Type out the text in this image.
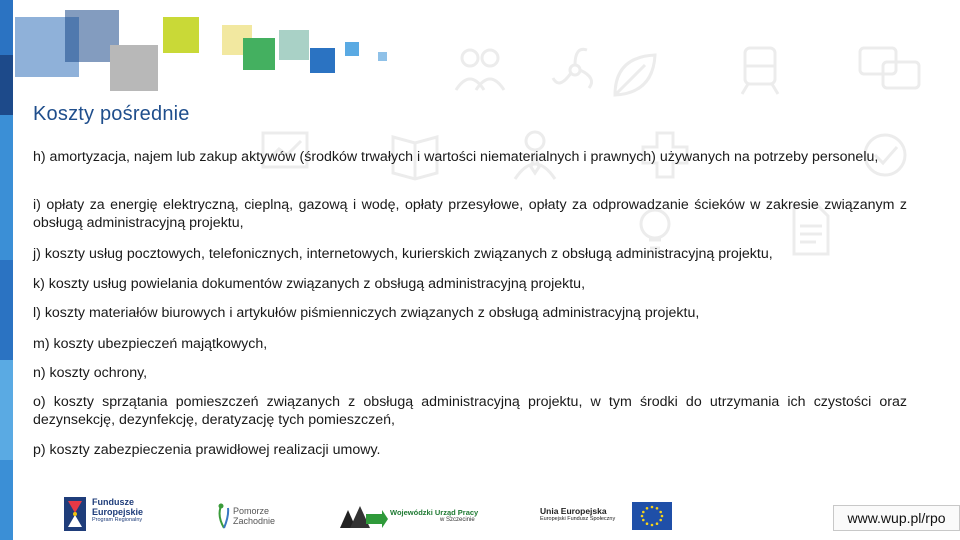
Koszty pośrednie

h) amortyzacja, najem lub zakup aktywów (środków trwałych i wartości niematerialnych i prawnych) używanych na potrzeby personelu,

i) opłaty za energię elektryczną, cieplną, gazową i wodę, opłaty przesyłowe, opłaty za odprowadzanie ścieków w zakresie związanym z obsługą administracyjną projektu,

j) koszty usług pocztowych, telefonicznych, internetowych, kurierskich związanych z obsługą administracyjną projektu,

k) koszty usług powielania dokumentów związanych z obsługą administracyjną projektu,

l) koszty materiałów biurowych i artykułów piśmienniczych związanych z obsługą administracyjną projektu,

m) koszty ubezpieczeń majątkowych,

n) koszty ochrony,

o) koszty sprzątania pomieszczeń związanych z obsługą administracyjną projektu, w tym środki do utrzymania ich czystości oraz dezynsekcję, dezynfekcję, deratyzację tych pomieszczeń,

p) koszty zabezpieczenia prawidłowej realizacji umowy.

Fundusze
Europejskie
Program Regionalny
Pomorze
Zachodnie
Wojewódzki Urząd Pracy
w Szczecinie
Unia Europejska
Europejski Fundusz Społeczny	www.wup.pl/rpo
